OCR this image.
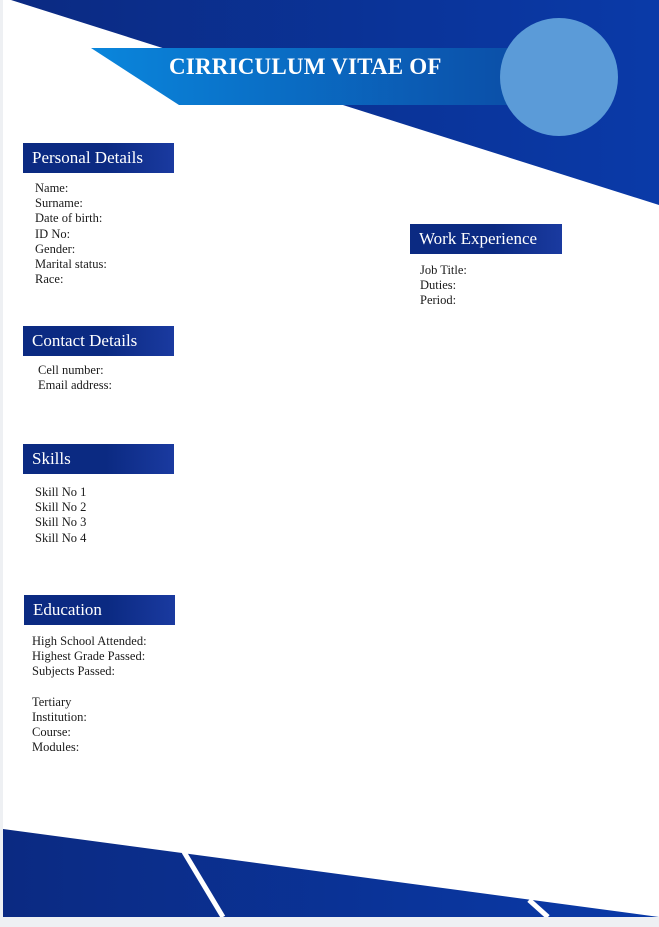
CIRRICULUM VITAE OF
Personal Details
Name:
Surname:
Date of birth:
ID No:
Gender:
Marital status:
Race:
Contact Details
Cell number:
Email address:
Skills
Skill No 1
Skill No 2
Skill No 3
Skill No 4
Education
High School Attended:
Highest Grade Passed:
Subjects Passed:
Tertiary
Institution:
Course:
Modules:
Work Experience
Job Title:
Duties:
Period:
